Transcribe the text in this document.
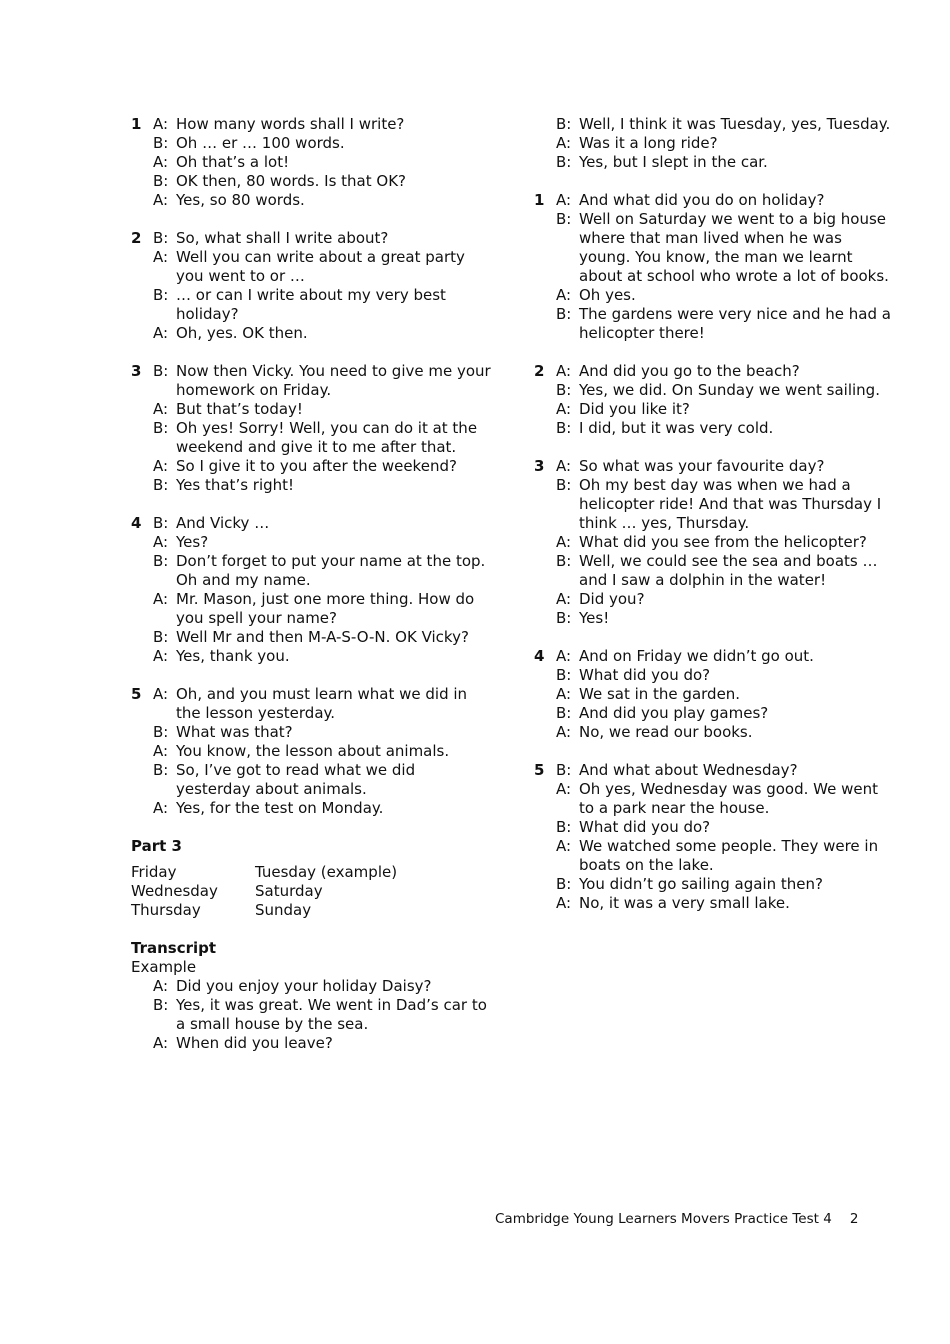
1 A: How many words shall I write?
B: Oh … er … 100 words.
A: Oh that’s a lot!
B: OK then, 80 words. Is that OK?
A: Yes, so 80 words.
2 B: So, what shall I write about?
A: Well you can write about a great party you went to or …
B: … or can I write about my very best holiday?
A: Oh, yes. OK then.
3 B: Now then Vicky. You need to give me your homework on Friday.
A: But that’s today!
B: Oh yes! Sorry! Well, you can do it at the weekend and give it to me after that.
A: So I give it to you after the weekend?
B: Yes that’s right!
4 B: And Vicky …
A: Yes?
B: Don’t forget to put your name at the top. Oh and my name.
A: Mr. Mason, just one more thing. How do you spell your name?
B: Well Mr and then M-A-S-O-N. OK Vicky?
A: Yes, thank you.
5 A: Oh, and you must learn what we did in the lesson yesterday.
B: What was that?
A: You know, the lesson about animals.
B: So, I’ve got to read what we did yesterday about animals.
A: Yes, for the test on Monday.
Part 3
Friday	Tuesday (example)
Wednesday	Saturday
Thursday	Sunday
Transcript
Example
A: Did you enjoy your holiday Daisy?
B: Yes, it was great. We went in Dad’s car to a small house by the sea.
A: When did you leave?
B: Well, I think it was Tuesday, yes, Tuesday.
A: Was it a long ride?
B: Yes, but I slept in the car.
1 A: And what did you do on holiday?
B: Well on Saturday we went to a big house where that man lived when he was young. You know, the man we learnt about at school who wrote a lot of books.
A: Oh yes.
B: The gardens were very nice and he had a helicopter there!
2 A: And did you go to the beach?
B: Yes, we did. On Sunday we went sailing.
A: Did you like it?
B: I did, but it was very cold.
3 A: So what was your favourite day?
B: Oh my best day was when we had a helicopter ride! And that was Thursday I think … yes, Thursday.
A: What did you see from the helicopter?
B: Well, we could see the sea and boats … and I saw a dolphin in the water!
A: Did you?
B: Yes!
4 A: And on Friday we didn’t go out.
B: What did you do?
A: We sat in the garden.
B: And did you play games?
A: No, we read our books.
5 B: And what about Wednesday?
A: Oh yes, Wednesday was good. We went to a park near the house.
B: What did you do?
A: We watched some people. They were in boats on the lake.
B: You didn’t go sailing again then?
A: No, it was a very small lake.
Cambridge Young Learners Movers Practice Test 4 2
